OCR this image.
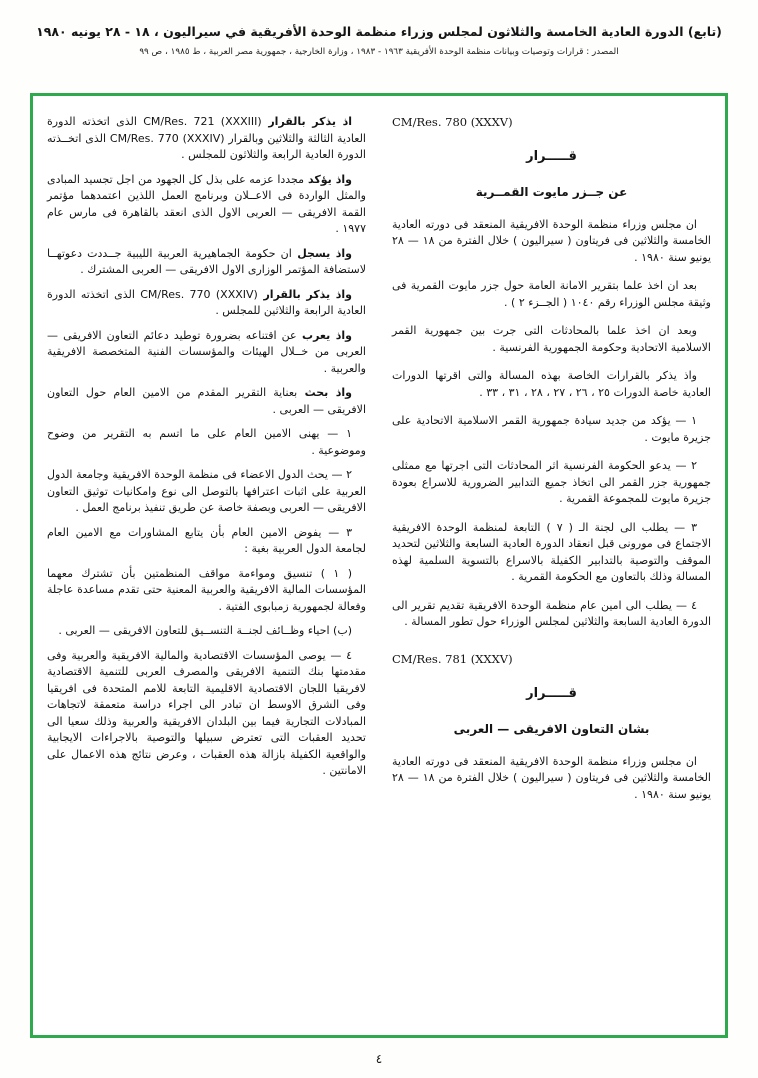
(تابع) الدورة العادية الخامسة والثلاثون لمجلس وزراء منظمة الوحدة الأفريقية في سيراليون ، ١٨ - ٢٨ يونيه ١٩٨٠
المصدر : قرارات وتوصيات وبيانات منظمة الوحدة الأفريقية ١٩٦٣ - ١٩٨٣ ، وزارة الخارجية ، جمهورية مصر العربية ، ط ١٩٨٥ ، ص ٩٩
CM/Res. 780 (XXXV)
قـــــرار
عن جــزر مايوت القمــرية

ان مجلس وزراء منظمة الوحدة الافريقية المنعقد فى دورته العادية الخامسة والثلاثين فى فريتاون ( سيراليون ) خلال الفترة من ١٨ — ٢٨ يونيو سنة ١٩٨٠ .

بعد ان اخذ علما بتقرير الامانة العامة حول جزر مايوت القمرية فى وثيقة مجلس الوزراء رقم ١٠٤٠ ( الجــزء ٢ ) .

وبعد ان اخذ علما بالمحادثات التى جرت بين جمهورية القمر الاسلامية الاتحادية وحكومة الجمهورية الفرنسية .

واذ يذكر بالقرارات الخاصة بهذه المسالة والتى اقرتها الدورات العادية خاصة الدورات ٢٥ ، ٢٦ ، ٢٧ ، ٢٨ ، ٣١ ، ٣٣ .

١ — يؤكد من جديد سيادة جمهورية القمر الاسلامية الاتحادية على جزيرة مايوت .

٢ — يدعو الحكومة الفرنسية اثر المحادثات التى اجرتها مع ممثلى جمهورية جزر القمر الى اتخاذ جميع التدابير الضرورية للاسراع بعودة جزيرة مايوت للمجموعة القمرية .

٣ — يطلب الى لجنة الـ ( ٧ ) التابعة لمنظمة الوحدة الافريقية الاجتماع فى مورونى قبل انعقاد الدورة العادية السابعة والثلاثين لتحديد الموقف والتوصية بالتدابير الكفيلة بالاسراع بالتسوية السلمية لهذه المسالة وذلك بالتعاون مع الحكومة القمرية .

٤ — يطلب الى امين عام منظمة الوحدة الافريقية تقديم تقرير الى الدورة العادية السابعة والثلاثين لمجلس الوزراء حول تطور المسالة .

CM/Res. 781 (XXXV)
قـــــرار
بشان التعاون الافريقى — العربى

ان مجلس وزراء منظمة الوحدة الافريقية المنعقد فى دورته العادية الخامسة والثلاثين فى فريتاون ( سيراليون ) خلال الفترة من ١٨ — ٢٨ يونيو سنة ١٩٨٠ .

اذ يذكر بالقرارCM/Res. 721 (XXXIII) الذى اتخذته الدورة العادية الثالثة والثلاثين وبالقرار CM/Res. 770 (XXXIV) الذى اتخــذته الدورة العادية الرابعة والثلاثون للمجلس .

واذ يؤكدمجددا عزمه على بذل كل الجهود من اجل تجسيد المبادى والمثل الواردة فى الاعــلان وبرنامج العمل اللذين اعتمدهما مؤتمر القمة الافريقى — العربى الاول الذى انعقد بالقاهرة فى مارس عام ١٩٧٧ .

واذ يسجلان حكومة الجماهيرية العربية الليبية جــددت دعوتهــا لاستضافة المؤتمر الوزارى الاول الافريقى — العربى المشترك .

واذ يذكر بالقرارCM/Res. 770 (XXXIV) الذى اتخذته الدورة العادية الرابعة والثلاثين للمجلس .

واذ يعربعن اقتناعه بضرورة توطيد دعائم التعاون الافريقى — العربى من خــلال الهيئات والمؤسسات الفنية المتخصصة الافريقية والعربية .

واذ بحثبعناية التقرير المقدم من الامين العام حول التعاون الافريقى — العربى .

١ — يهنى الامين العام على ما اتسم به التقرير من وضوح وموضوعية .

٢ — يحث الدول الاعضاء فى منظمة الوحدة الافريقية وجامعة الدول العربية على اثبات اعترافها بالتوصل الى نوع وامكانيات توثيق التعاون الافريقى — العربى وبصفة خاصة عن طريق تنفيذ برنامج العمل .

٣ — يفوض الامين العام بأن يتابع المشاورات مع الامين العام لجامعة الدول العربية بغية :

( ١ ) تنسيق ومواءمة مواقف المنظمتين بأن تشترك معهما المؤسسات المالية الافريقية والعربية المعنية حتى تقدم مساعدة عاجلة وفعالة لجمهورية زمبابوى الفتية .

(ب) احياء وظــائف لجنــة التنســيق للتعاون الافريقى — العربى .

٤ — يوصى المؤسسات الاقتصادية والمالية الافريقية والعربية وفى مقدمتها بنك التنمية الافريقى والمصرف العربى للتنمية الاقتصادية لافريقيا اللجان الاقتصادية الاقليمية التابعة للامم المتحدة فى افريقيا وفى الشرق الاوسط ان تبادر الى اجراء دراسة متعمقة لاتجاهات المبادلات التجارية فيما بين البلدان الافريقية والعربية وذلك سعيا الى تحديد العقبات التى تعترض سبيلها والتوصية بالاجراءات الايجابية والواقعية الكفيلة بازالة هذه العقبات ، وعرض نتائج هذه الاعمال على الامانتين .

٤
